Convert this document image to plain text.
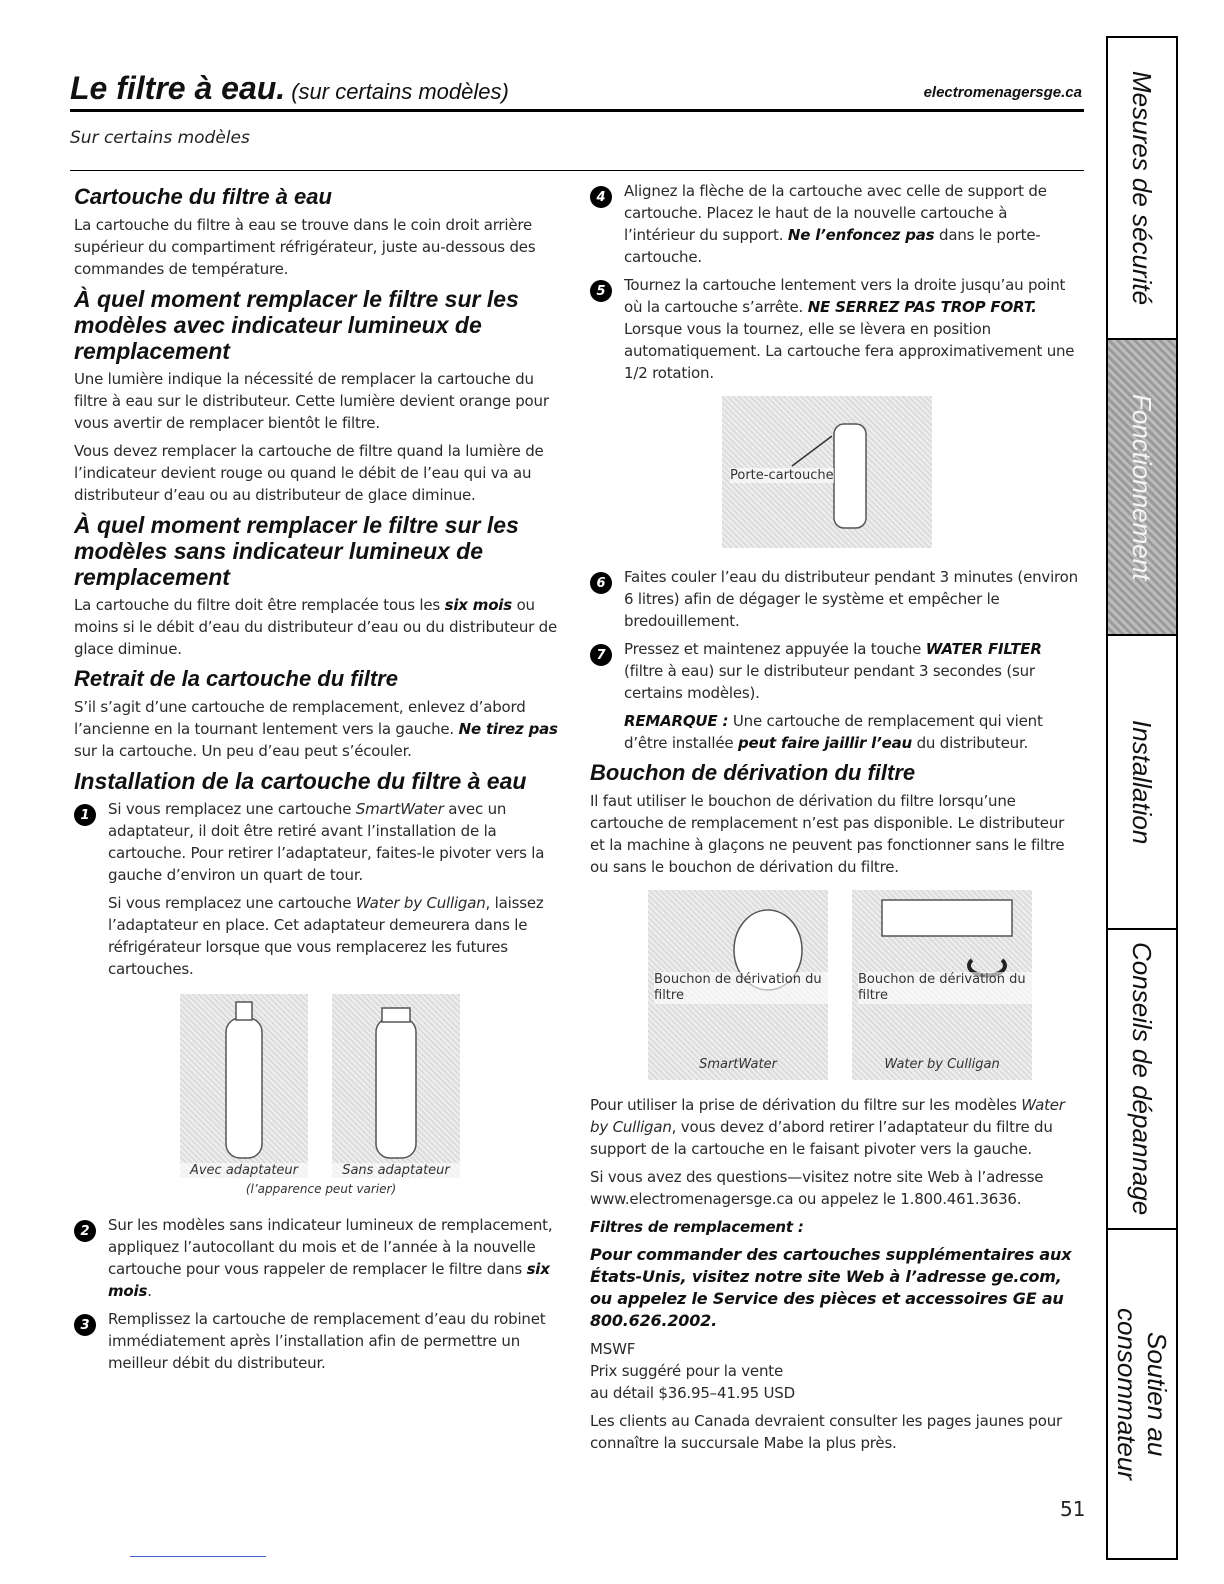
Le filtre à eau. (sur certains modèles)	electromenagersge.ca
Sur certains modèles
Cartouche du filtre à eau

La cartouche du filtre à eau se trouve dans le coin droit arrière supérieur du compartiment réfrigérateur, juste au-dessous des commandes de température.

À quel moment remplacer le filtre sur les modèles avec indicateur lumineux de remplacement

Une lumière indique la nécessité de remplacer la cartouche du filtre à eau sur le distributeur. Cette lumière devient orange pour vous avertir de remplacer bientôt le filtre.

Vous devez remplacer la cartouche de filtre quand la lumière de l’indicateur devient rouge ou quand le débit de l’eau qui va au distributeur d’eau ou au distributeur de glace diminue.

À quel moment remplacer le filtre sur les modèles sans indicateur lumineux de remplacement

La cartouche du filtre doit être remplacée tous les six mois ou moins si le débit d’eau du distributeur d’eau ou du distributeur de glace diminue.

Retrait de la cartouche du filtre

S’il s’agit d’une cartouche de remplacement, enlevez d’abord l’ancienne en la tournant lentement vers la gauche. Ne tirez pas sur la cartouche. Un peu d’eau peut s’écouler.

Installation de la cartouche du filtre à eau
1	Si vous remplacez une cartouche SmartWater avec un adaptateur, il doit être retiré avant l’installation de la cartouche. Pour retirer l’adaptateur, faites-le pivoter vers la gauche d’environ un quart de tour.

Si vous remplacez une cartouche Water by Culligan, laissez l’adaptateur en place. Cet adaptateur demeurera dans le réfrigérateur lorsque que vous remplacerez les futures cartouches.

Avec adaptateur	Sans adaptateur
(l’apparence peut varier)
2	Sur les modèles sans indicateur lumineux de remplacement, appliquez l’autocollant du mois et de l’année à la nouvelle cartouche pour vous rappeler de remplacer le filtre dans six mois.

3	Remplissez la cartouche de remplacement d’eau du robinet immédiatement après l’installation afin de permettre un meilleur débit du distributeur.

4	Alignez la flèche de la cartouche avec celle de support de cartouche. Placez le haut de la nouvelle cartouche à l’intérieur du support. Ne l’enfoncez pas dans le porte-cartouche.

5	Tournez la cartouche lentement vers la droite jusqu’au point où la cartouche s’arrête. NE SERREZ PAS TROP FORT. Lorsque vous la tournez, elle se lèvera en position automatiquement. La cartouche fera approximativement une 1/2 rotation.

Porte-cartouche
6	Faites couler l’eau du distributeur pendant 3 minutes (environ 6 litres) afin de dégager le système et empêcher le bredouillement.

7	Pressez et maintenez appuyée la touche WATER FILTER (filtre à eau) sur le distributeur pendant 3 secondes (sur certains modèles).

REMARQUE : Une cartouche de remplacement qui vient d’être installée peut faire jaillir l’eau du distributeur.

Bouchon de dérivation du filtre

Il faut utiliser le bouchon de dérivation du filtre lorsqu’une cartouche de remplacement n’est pas disponible. Le distributeur et la machine à glaçons ne peuvent pas fonctionner sans le filtre ou sans le bouchon de dérivation du filtre.

Bouchon de dérivation du filtre
SmartWater
Bouchon de dérivation du filtre
Water by Culligan

Pour utiliser la prise de dérivation du filtre sur les modèles Water by Culligan, vous devez d’abord retirer l’adaptateur du filtre du support de la cartouche en le faisant pivoter vers la gauche.

Si vous avez des questions—visitez notre site Web à l’adresse www.electromenagersge.ca ou appelez le 1.800.461.3636.

Filtres de remplacement :

Pour commander des cartouches supplémentaires aux États-Unis, visitez notre site Web à l’adresse ge.com, ou appelez le Service des pièces et accessoires GE au 800.626.2002.

MSWF

Prix suggéré pour la vente

au détail $36.95–41.95 USD

Les clients au Canada devraient consulter les pages jaunes pour connaître la succursale Mabe la plus près.

Mesures de sécurité
Fonctionnement
Installation
Conseils de dépannage
Soutien au
consommateur
51
